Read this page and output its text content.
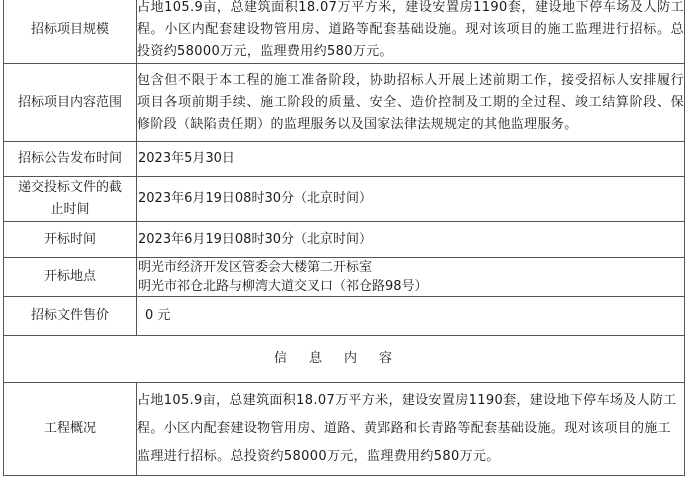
招标项目规模	占地105.9亩，总建筑面积18.07万平方米，建设安置房1190套，建设地下停车场及人防工程。小区内配套建设物管用房、道路等配套基础设施。现对该项目的施工监理进行招标。总投资约58000万元，监理费用约580万元。
招标项目内容范围	包含但不限于本工程的施工准备阶段，协助招标人开展上述前期工作，接受招标人安排履行项目各项前期手续、施工阶段的质量、安全、造价控制及工期的全过程、竣工结算阶段、保修阶段（缺陷责任期）的监理服务以及国家法律法规规定的其他监理服务。
招标公告发布时间	2023年5月30日

递交投标文件的截
止时间	2023年6月19日08时30分（北京时间）
开标时间	2023年6月19日08时30分（北京时间）
开标地点	明光市经济开发区管委会大楼第二开标室
明光市祁仓北路与柳湾大道交叉口（祁仓路98号）

招标文件售价	0 元
信息内容	
工程概况	占地105.9亩，总建筑面积18.07万平方米，建设安置房1190套，建设地下停车场及人防工程。小区内配套建设物管用房、道路、黄郢路和长青路等配套基础设施。现对该项目的施工监理进行招标。总投资约58000万元，监理费用约580万元。
